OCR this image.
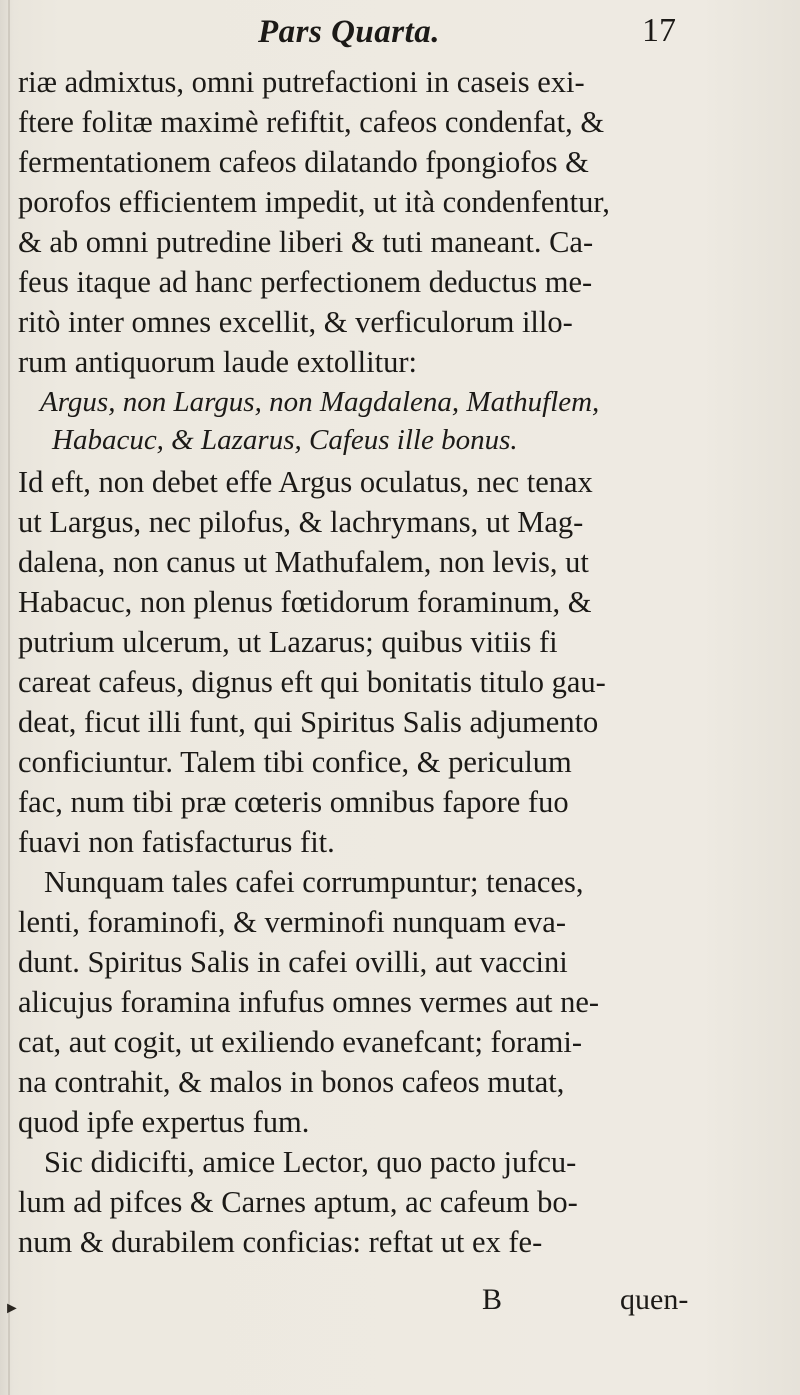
Pars Quarta.	17
riæ admixtus, omni putrefactioni in caseis exi-
ftere folitæ maximè refiftit, cafeos condenfat, &
fermentationem cafeos dilatando fpongiofos &
porofos efficientem impedit, ut ità condenfentur,
& ab omni putredine liberi & tuti maneant. Ca-
feus itaque ad hanc perfectionem deductus me-
ritò inter omnes excellit, & verficulorum illo-
rum antiquorum laude extollitur:
Argus, non Largus, non Magdalena, Mathuflem,
Habacuc, & Lazarus, Cafeus ille bonus.
Id eft, non debet effe Argus oculatus, nec tenax
ut Largus, nec pilofus, & lachrymans, ut Mag-
dalena, non canus ut Mathufalem, non levis, ut
Habacuc, non plenus fœtidorum foraminum, &
putrium ulcerum, ut Lazarus; quibus vitiis fi
careat cafeus, dignus eft qui bonitatis titulo gau-
deat, ficut illi funt, qui Spiritus Salis adjumento
conficiuntur. Talem tibi confice, & periculum
fac, num tibi præ cœteris omnibus fapore fuo
fuavi non fatisfacturus fit.
Nunquam tales cafei corrumpuntur; tenaces,
lenti, foraminofi, & verminofi nunquam eva-
dunt. Spiritus Salis in cafei ovilli, aut vaccini
alicujus foramina infufus omnes vermes aut ne-
cat, aut cogit, ut exiliendo evanefcant; forami-
na contrahit, & malos in bonos cafeos mutat,
quod ipfe expertus fum.
Sic didicifti, amice Lector, quo pacto jufcu-
lum ad pifces & Carnes aptum, ac cafeum bo-
num & durabilem conficias: reftat ut ex fe-
B	quen-
►
